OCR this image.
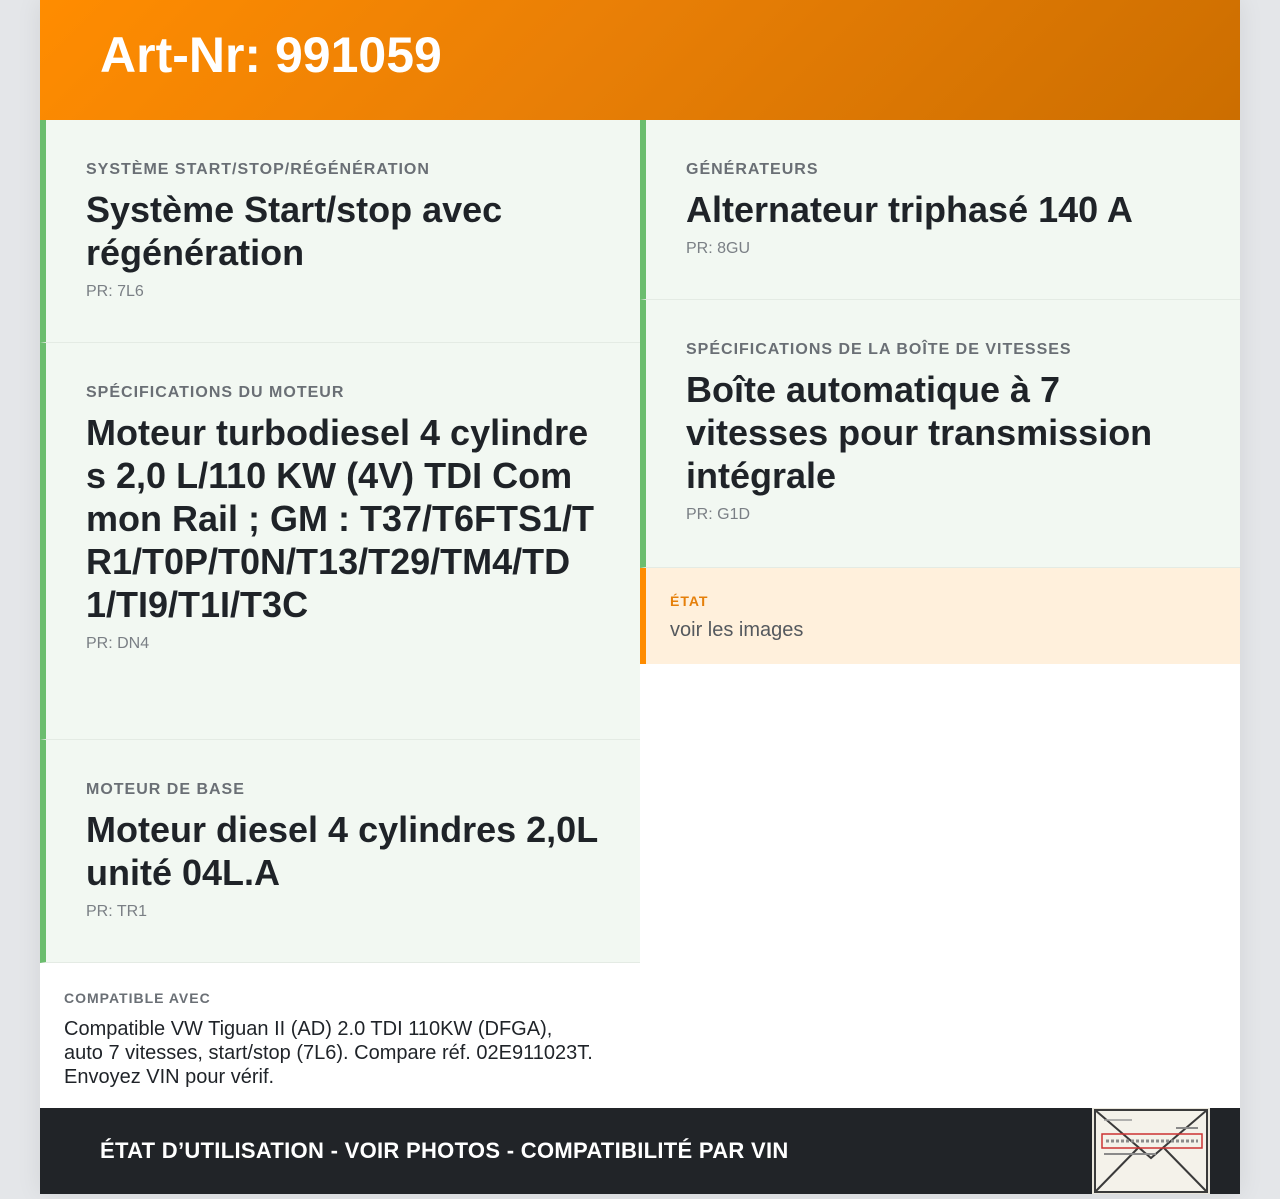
Art-Nr: 991059
SYSTÈME START/STOP/RÉGÉNÉRATION
Système Start/stop avec régénération
PR: 7L6
SPÉCIFICATIONS DU MOTEUR
Moteur turbodiesel 4 cylindres 2,0 L/110 KW (4V) TDI Common Rail ; GM : T37/T6FTS1/TR1/T0P/T0N/T13/T29/TM4/TD1/TI9/T1I/T3C
PR: DN4
MOTEUR DE BASE
Moteur diesel 4 cylindres 2,0L unité 04L.A
PR: TR1
COMPATIBLE AVEC
Compatible VW Tiguan II (AD) 2.0 TDI 110KW (DFGA), auto 7 vitesses, start/stop (7L6). Compare réf. 02E911023T. Envoyez VIN pour vérif.
GÉNÉRATEURS
Alternateur triphasé 140 A
PR: 8GU
SPÉCIFICATIONS DE LA BOÎTE DE VITESSES
Boîte automatique à 7 vitesses pour transmission intégrale
PR: G1D
ÉTAT
voir les images
ÉTAT D’UTILISATION - VOIR PHOTOS - COMPATIBILITÉ PAR VIN
